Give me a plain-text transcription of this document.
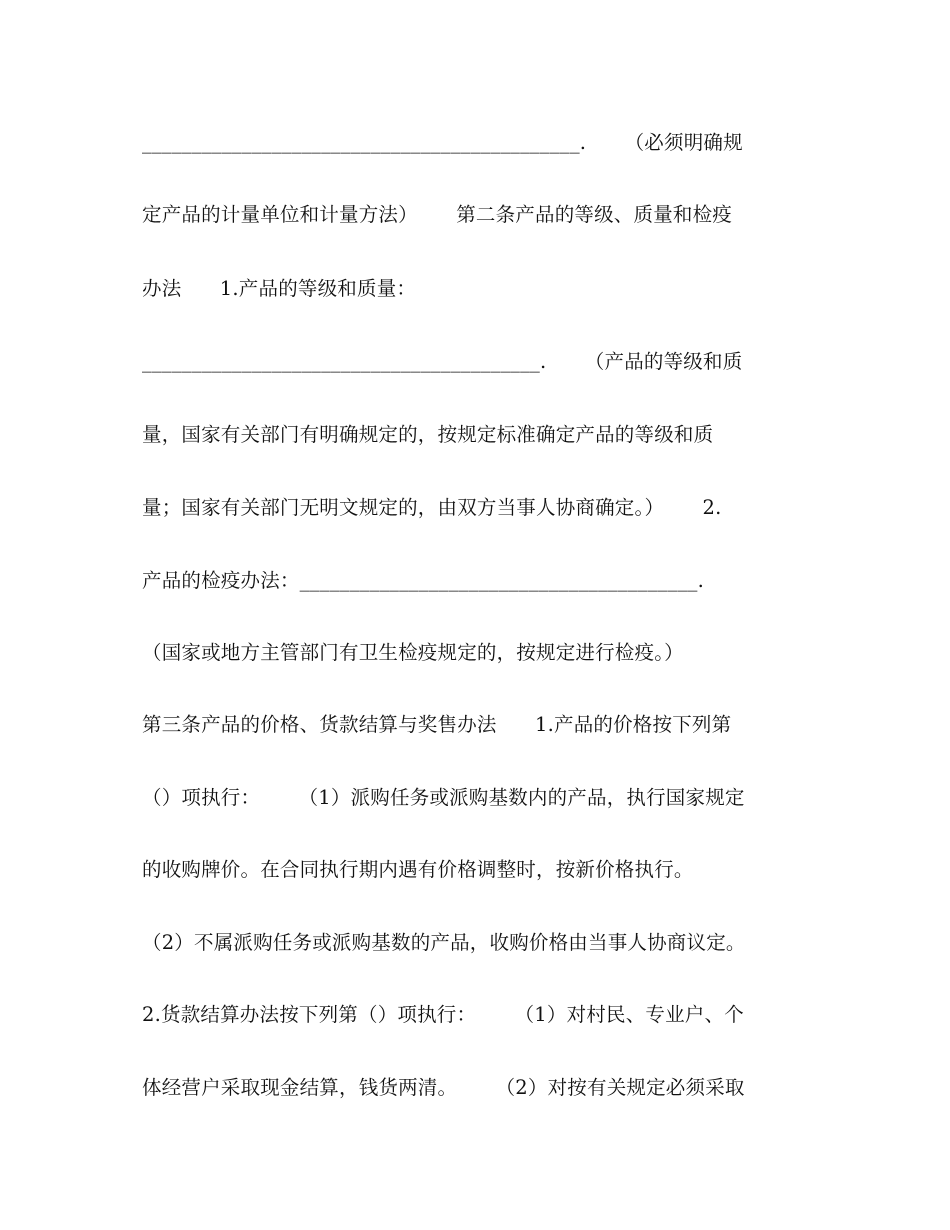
____________________________________________.      （必须明确规
定产品的计量单位和计量方法）      第二条产品的等级、质量和检疫
办法      1.产品的等级和质量：
________________________________________.      （产品的等级和质
量，国家有关部门有明确规定的，按规定标准确定产品的等级和质
量；国家有关部门无明文规定的，由双方当事人协商确定。）      2.
产品的检疫办法：________________________________________.
（国家或地方主管部门有卫生检疫规定的，按规定进行检疫。）
第三条产品的价格、货款结算与奖售办法      1.产品的价格按下列第
（）项执行：      （1）派购任务或派购基数内的产品，执行国家规定
的收购牌价。在合同执行期内遇有价格调整时，按新价格执行。
（2）不属派购任务或派购基数的产品，收购价格由当事人协商议定。
2.货款结算办法按下列第（）项执行：      （1）对村民、专业户、个
体经营户采取现金结算，钱货两清。      （2）对按有关规定必须采取
